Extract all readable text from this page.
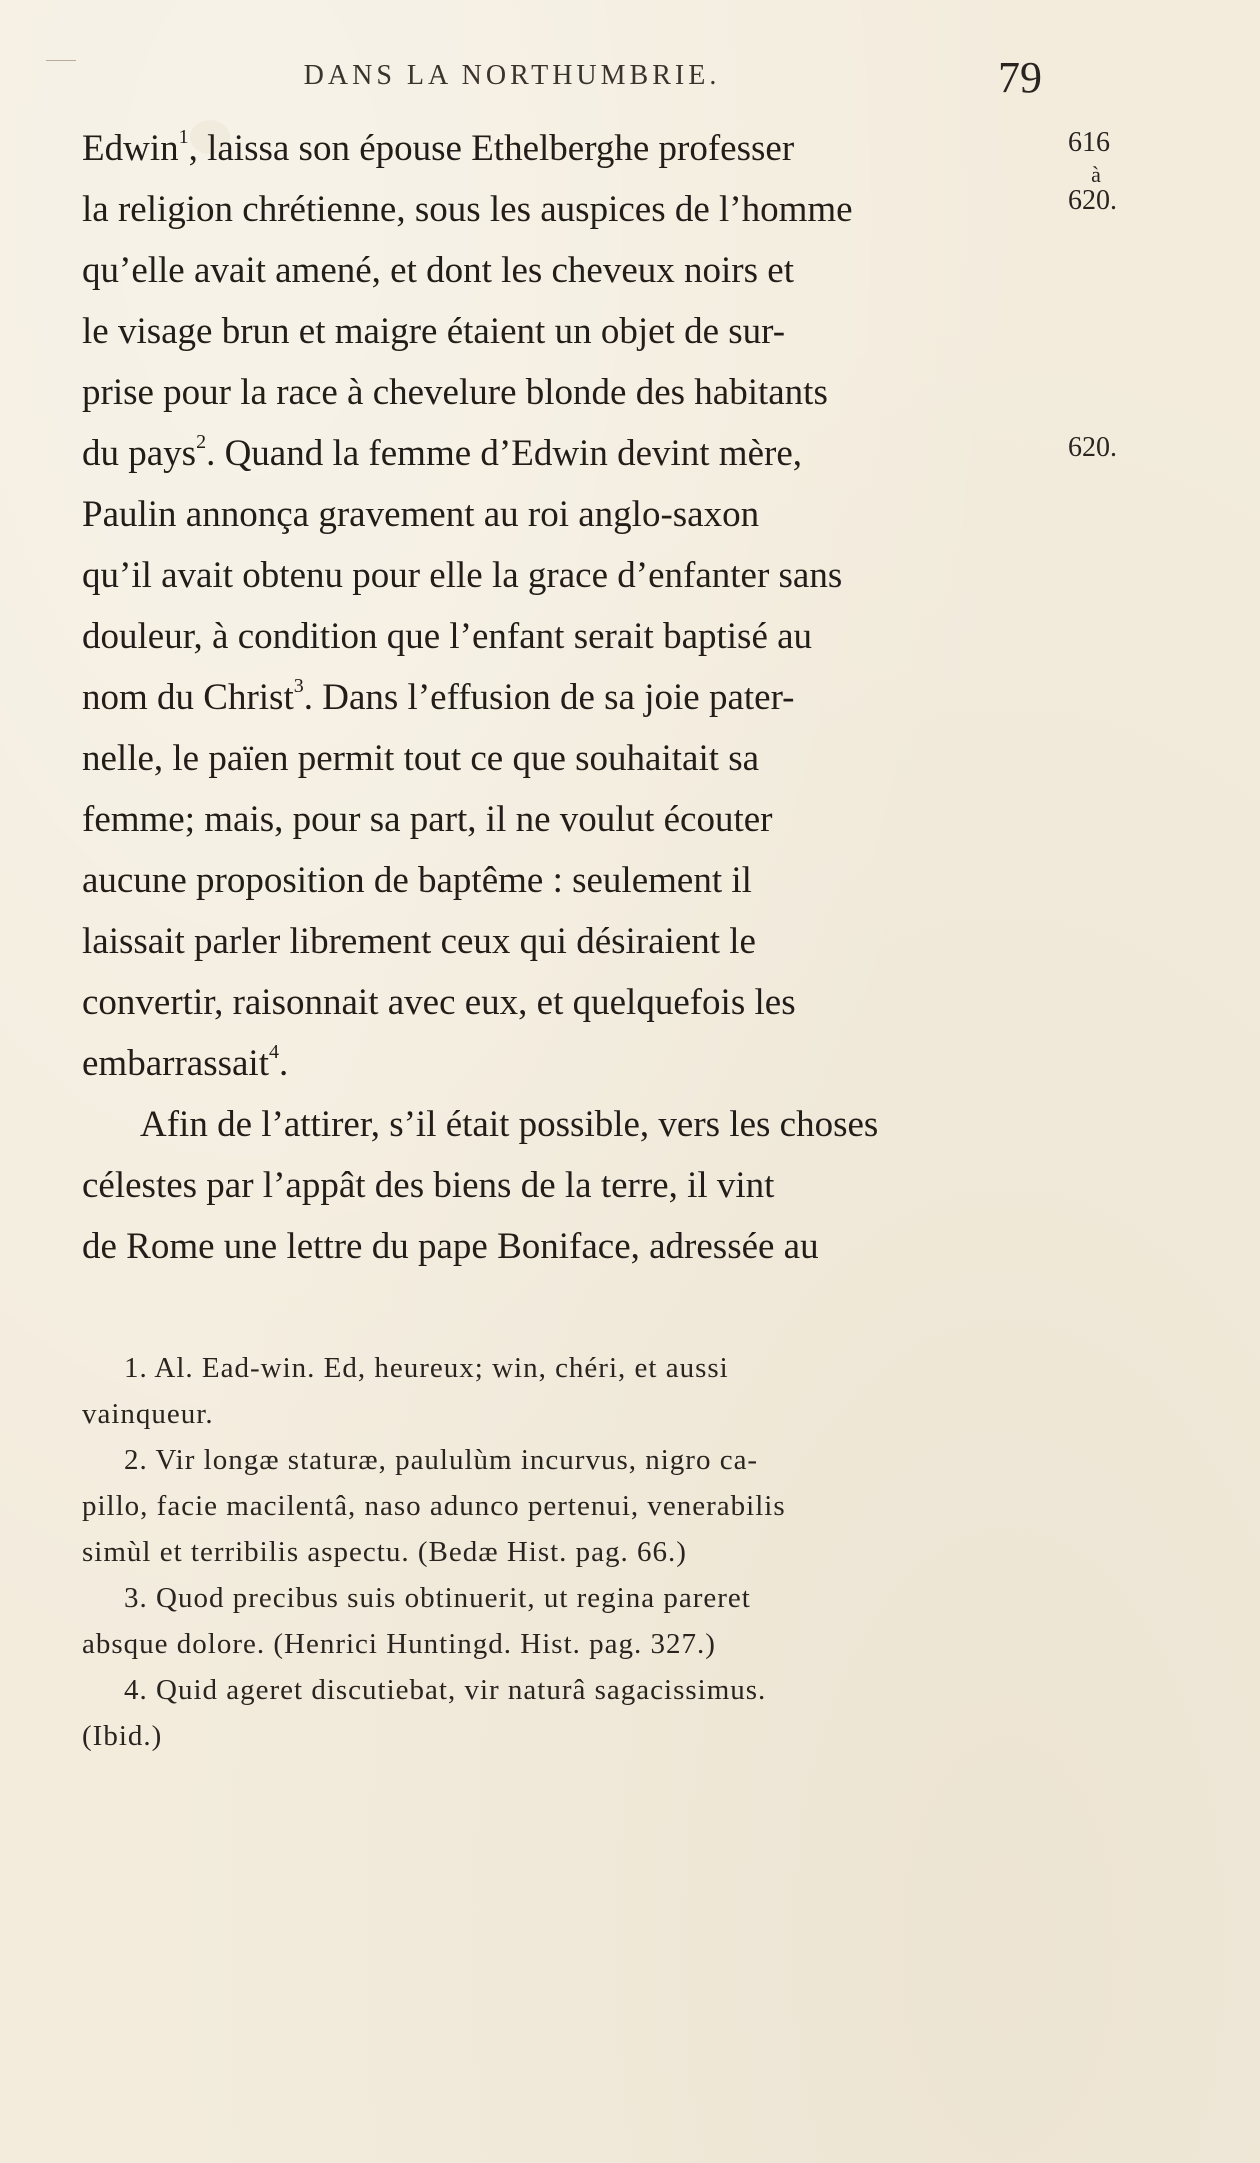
DANS LA NORTHUMBRIE.	79
Edwin$^1$, laissa son épouse Ethelberghe professer
la religion chrétienne, sous les auspices de l’homme
qu’elle avait amené, et dont les cheveux noirs et
le visage brun et maigre étaient un objet de sur-
prise pour la race à chevelure blonde des habitants
du pays$^2$. Quand la femme d’Edwin devint mère,
Paulin annonça gravement au roi anglo-saxon
qu’il avait obtenu pour elle la grace d’enfanter sans
douleur, à condition que l’enfant serait baptisé au
nom du Christ$^3$. Dans l’effusion de sa joie pater-
nelle, le païen permit tout ce que souhaitait sa
femme; mais, pour sa part, il ne voulut écouter
aucune proposition de baptême : seulement il
laissait parler librement ceux qui désiraient le
convertir, raisonnait avec eux, et quelquefois les
embarrassait$^4$.
Afin de l’attirer, s’il était possible, vers les choses
célestes par l’appât des biens de la terre, il vint
de Rome une lettre du pape Boniface, adressée au
616
à
620.
620.
1. Al. Ead-win. Ed, heureux; win, chéri, et aussi
vainqueur.
2. Vir longæ staturæ, paululùm incurvus, nigro ca-
pillo, facie macilentâ, naso adunco pertenui, venerabilis
simùl et terribilis aspectu. (Bedæ Hist. pag. 66.)
3. Quod precibus suis obtinuerit, ut regina pareret
absque dolore. (Henrici Huntingd. Hist. pag. 327.)
4. Quid ageret discutiebat, vir naturâ sagacissimus.
(Ibid.)
